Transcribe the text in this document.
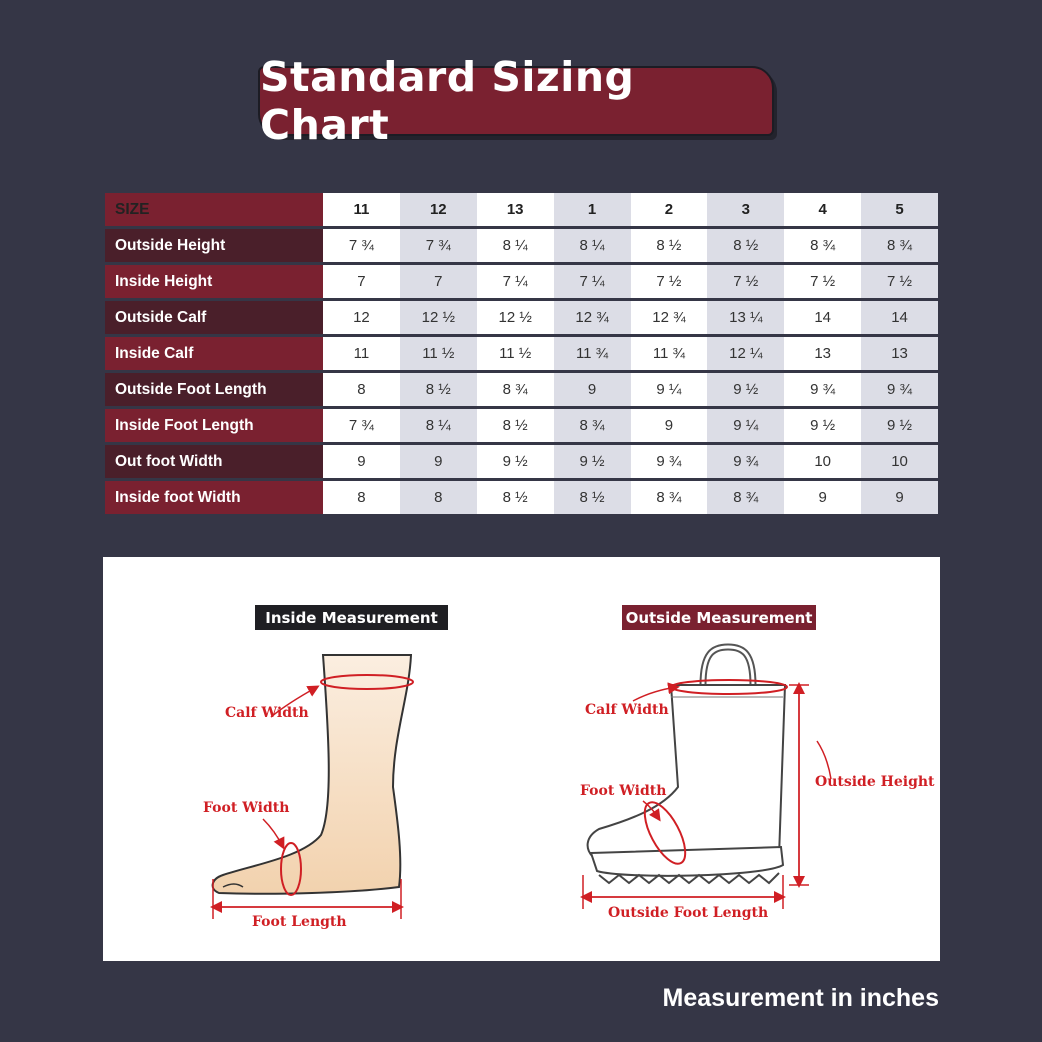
Standard Sizing Chart
SIZE	11	12	13	1	2	3	4	5
Outside Height	7 ¾	7 ¾	8 ¼	8 ¼	8 ½	8 ½	8 ¾	8 ¾
Inside Height	7	7	7 ¼	7 ¼	7 ½	7 ½	7 ½	7 ½
Outside Calf	12	12 ½	12 ½	12 ¾	12 ¾	13 ¼	14	14
Inside Calf	11	11 ½	11 ½	11 ¾	11 ¾	12 ¼	13	13
Outside Foot Length	8	8 ½	8 ¾	9	9 ¼	9 ½	9 ¾	9 ¾
Inside Foot Length	7 ¾	8 ¼	8 ½	8 ¾	9	9 ¼	9 ½	9 ½
Out foot Width	9	9	9 ½	9 ½	9 ¾	9 ¾	10	10
Inside foot Width	8	8	8 ½	8 ½	8 ¾	8 ¾	9	9
Inside Measurement	Outside Measurement
Calf Width
Foot Width
Foot Length
Calf Width
Foot Width
Outside Height
Outside Foot Length
Measurement in inches
